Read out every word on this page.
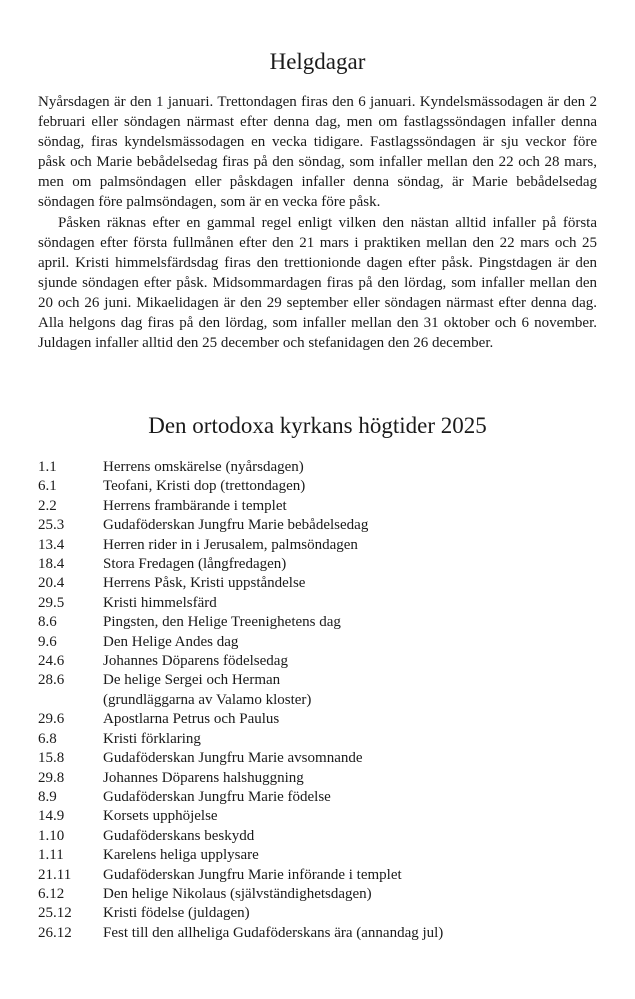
Helgdagar

Nyårsdagen är den 1 januari. Trettondagen firas den 6 januari. Kyndelsmässodagen är den 2 februari eller söndagen närmast efter denna dag, men om fastlagssöndagen infaller denna söndag, firas kyndelsmässodagen en vecka tidigare. Fastlagssöndagen är sju veckor före påsk och Marie bebådelsedag firas på den söndag, som infaller mellan den 22 och 28 mars, men om palmsöndagen eller påskdagen infaller denna söndag, är Marie bebådelsedag söndagen före palmsöndagen, som är en vecka före påsk.

Påsken räknas efter en gammal regel enligt vilken den nästan alltid infaller på första söndagen efter första fullmånen efter den 21 mars i praktiken mellan den 22 mars och 25 april. Kristi himmelsfärdsdag firas den trettionionde dagen efter påsk. Pingstdagen är den sjunde söndagen efter påsk. Midsommardagen firas på den lördag, som infaller mellan den 20 och 26 juni. Mikaelidagen är den 29 september eller söndagen närmast efter denna dag. Alla helgons dag firas på den lördag, som infaller mellan den 31 oktober och 6 november. Juldagen infaller alltid den 25 december och stefanidagen den 26 december.

Den ortodoxa kyrkans högtider 2025
1.1	Herrens omskärelse (nyårsdagen)
6.1	Teofani, Kristi dop (trettondagen)
2.2	Herrens frambärande i templet
25.3	Gudaföderskan Jungfru Marie bebådelsedag
13.4	Herren rider in i Jerusalem, palmsöndagen
18.4	Stora Fredagen (långfredagen)
20.4	Herrens Påsk, Kristi uppståndelse
29.5	Kristi himmelsfärd
8.6	Pingsten, den Helige Treenighetens dag
9.6	Den Helige Andes dag
24.6	Johannes Döparens födelsedag
28.6	De helige Sergei och Herman
(grundläggarna av Valamo kloster)
29.6	Apostlarna Petrus och Paulus
6.8	Kristi förklaring
15.8	Gudaföderskan Jungfru Marie avsomnande
29.8	Johannes Döparens halshuggning
8.9	Gudaföderskan Jungfru Marie födelse
14.9	Korsets upphöjelse
1.10	Gudaföderskans beskydd
1.11	Karelens heliga upplysare
21.11	Gudaföderskan Jungfru Marie införande i templet
6.12	Den helige Nikolaus (självständighetsdagen)
25.12	Kristi födelse (juldagen)
26.12	Fest till den allheliga Gudaföderskans ära (annandag jul)
